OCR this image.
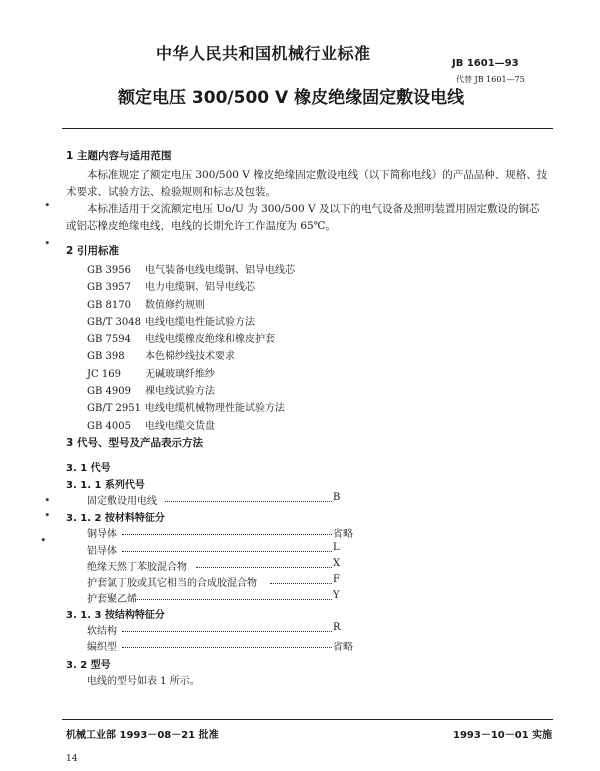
中华人民共和国机械行业标准
JB 1601—93
代替 JB 1601—75
额定电压 300/500 V 橡皮绝缘固定敷设电线
1 主题内容与适用范围
本标准规定了额定电压 300/500 V 橡皮绝缘固定敷设电线（以下简称电线）的产品品种、规格、技
术要求、试验方法、检验规则和标志及包装。
本标准适用于交流额定电压 Uo/U 为 300/500 V 及以下的电气设备及照明装置用固定敷设的铜芯
或铝芯橡皮绝缘电线，电线的长期允许工作温度为 65℃。
2 引用标准
GB 3956 电气装备电线电缆铜、铝导电线芯
GB 3957 电力电缆铜、铝导电线芯
GB 8170 数值修约规则
GB/T 3048 电线电缆电性能试验方法
GB 7594 电线电缆橡皮绝缘和橡皮护套
GB 398 本色棉纱线技术要求
JC 169 无碱玻璃纤维纱
GB 4909 裸电线试验方法
GB/T 2951 电线电缆机械物理性能试验方法
GB 4005 电线电缆交货盘
3 代号、型号及产品表示方法
3. 1 代号
3. 1. 1 系列代号
固定敷设用电线	B
3. 1. 2 按材料特征分
铜导体	省略
铝导体	L
绝缘天然丁苯胶混合物	X
护套氯丁胶或其它相当的合成胶混合物	F
护套聚乙烯	Y
3. 1. 3 按结构特征分
软结构	R
编织型	省略
3. 2 型号
电线的型号如表 1 所示。
机械工业部 1993－08－21 批准	1993－10－01 实施
14
•
•
•
•
•
